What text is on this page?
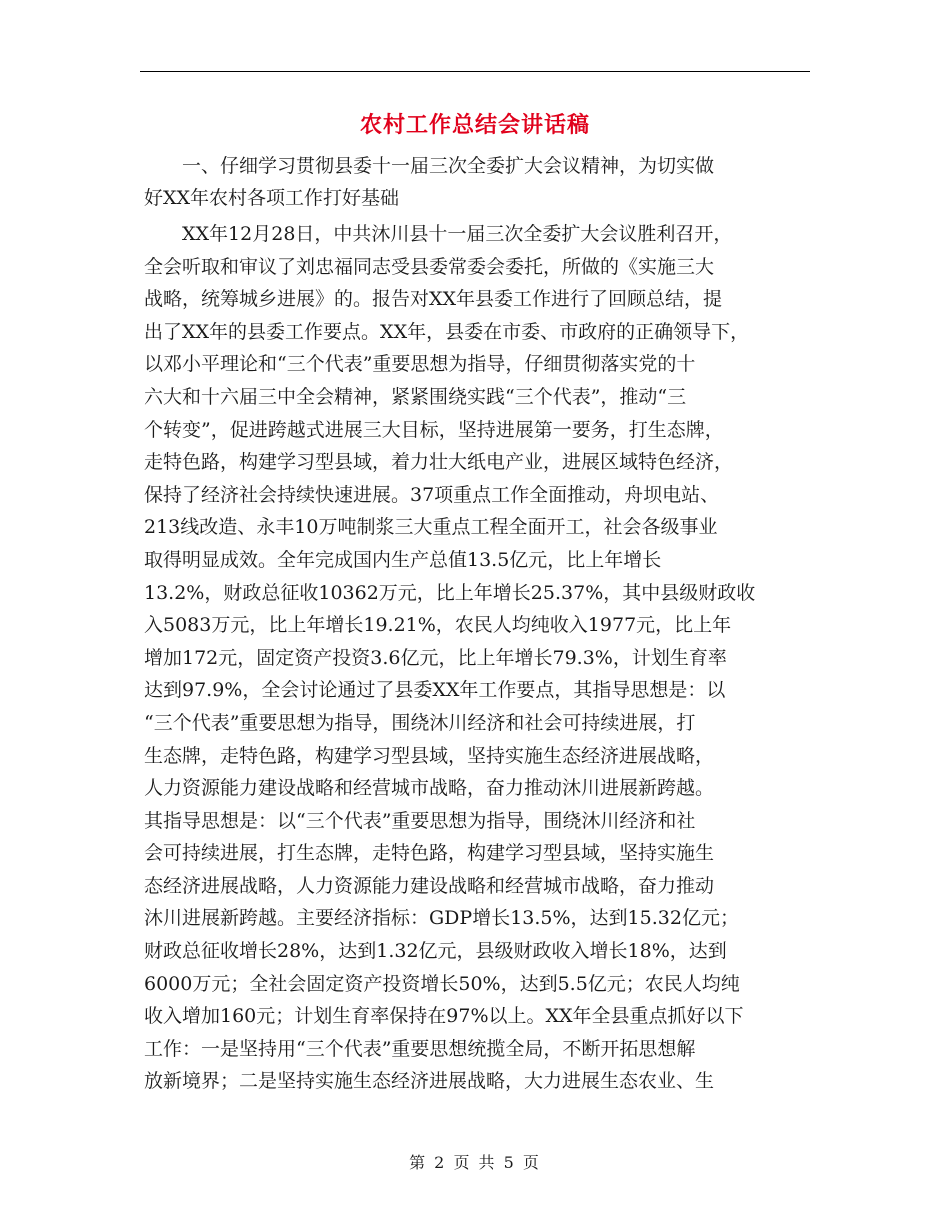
农村工作总结会讲话稿
一、仔细学习贯彻县委十一届三次全委扩大会议精神，为切实做
好XX年农村各项工作打好基础
XX年12月28日，中共沐川县十一届三次全委扩大会议胜利召开，
全会听取和审议了刘忠福同志受县委常委会委托，所做的《实施三大
战略，统筹城乡进展》的。报告对XX年县委工作进行了回顾总结，提
出了XX年的县委工作要点。XX年，县委在市委、市政府的正确领导下，
以邓小平理论和“三个代表”重要思想为指导，仔细贯彻落实党的十
六大和十六届三中全会精神，紧紧围绕实践“三个代表”，推动“三
个转变”，促进跨越式进展三大目标，坚持进展第一要务，打生态牌，
走特色路，构建学习型县域，着力壮大纸电产业，进展区域特色经济，
保持了经济社会持续快速进展。37项重点工作全面推动，舟坝电站、
213线改造、永丰10万吨制浆三大重点工程全面开工，社会各级事业
取得明显成效。全年完成国内生产总值13.5亿元，比上年增长
13.2%，财政总征收10362万元，比上年增长25.37%，其中县级财政收
入5083万元，比上年增长19.21%，农民人均纯收入1977元，比上年
增加172元，固定资产投资3.6亿元，比上年增长79.3%，计划生育率
达到97.9%，全会讨论通过了县委XX年工作要点，其指导思想是：以
“三个代表”重要思想为指导，围绕沐川经济和社会可持续进展，打
生态牌，走特色路，构建学习型县域，坚持实施生态经济进展战略，
人力资源能力建设战略和经营城市战略，奋力推动沐川进展新跨越。
其指导思想是：以“三个代表”重要思想为指导，围绕沐川经济和社
会可持续进展，打生态牌，走特色路，构建学习型县域，坚持实施生
态经济进展战略，人力资源能力建设战略和经营城市战略，奋力推动
沐川进展新跨越。主要经济指标：GDP增长13.5%，达到15.32亿元；
财政总征收增长28%，达到1.32亿元，县级财政收入增长18%，达到
6000万元；全社会固定资产投资增长50%，达到5.5亿元；农民人均纯
收入增加160元；计划生育率保持在97%以上。XX年全县重点抓好以下
工作：一是坚持用“三个代表”重要思想统揽全局，不断开拓思想解
放新境界；二是坚持实施生态经济进展战略，大力进展生态农业、生
第 2 页 共 5 页
